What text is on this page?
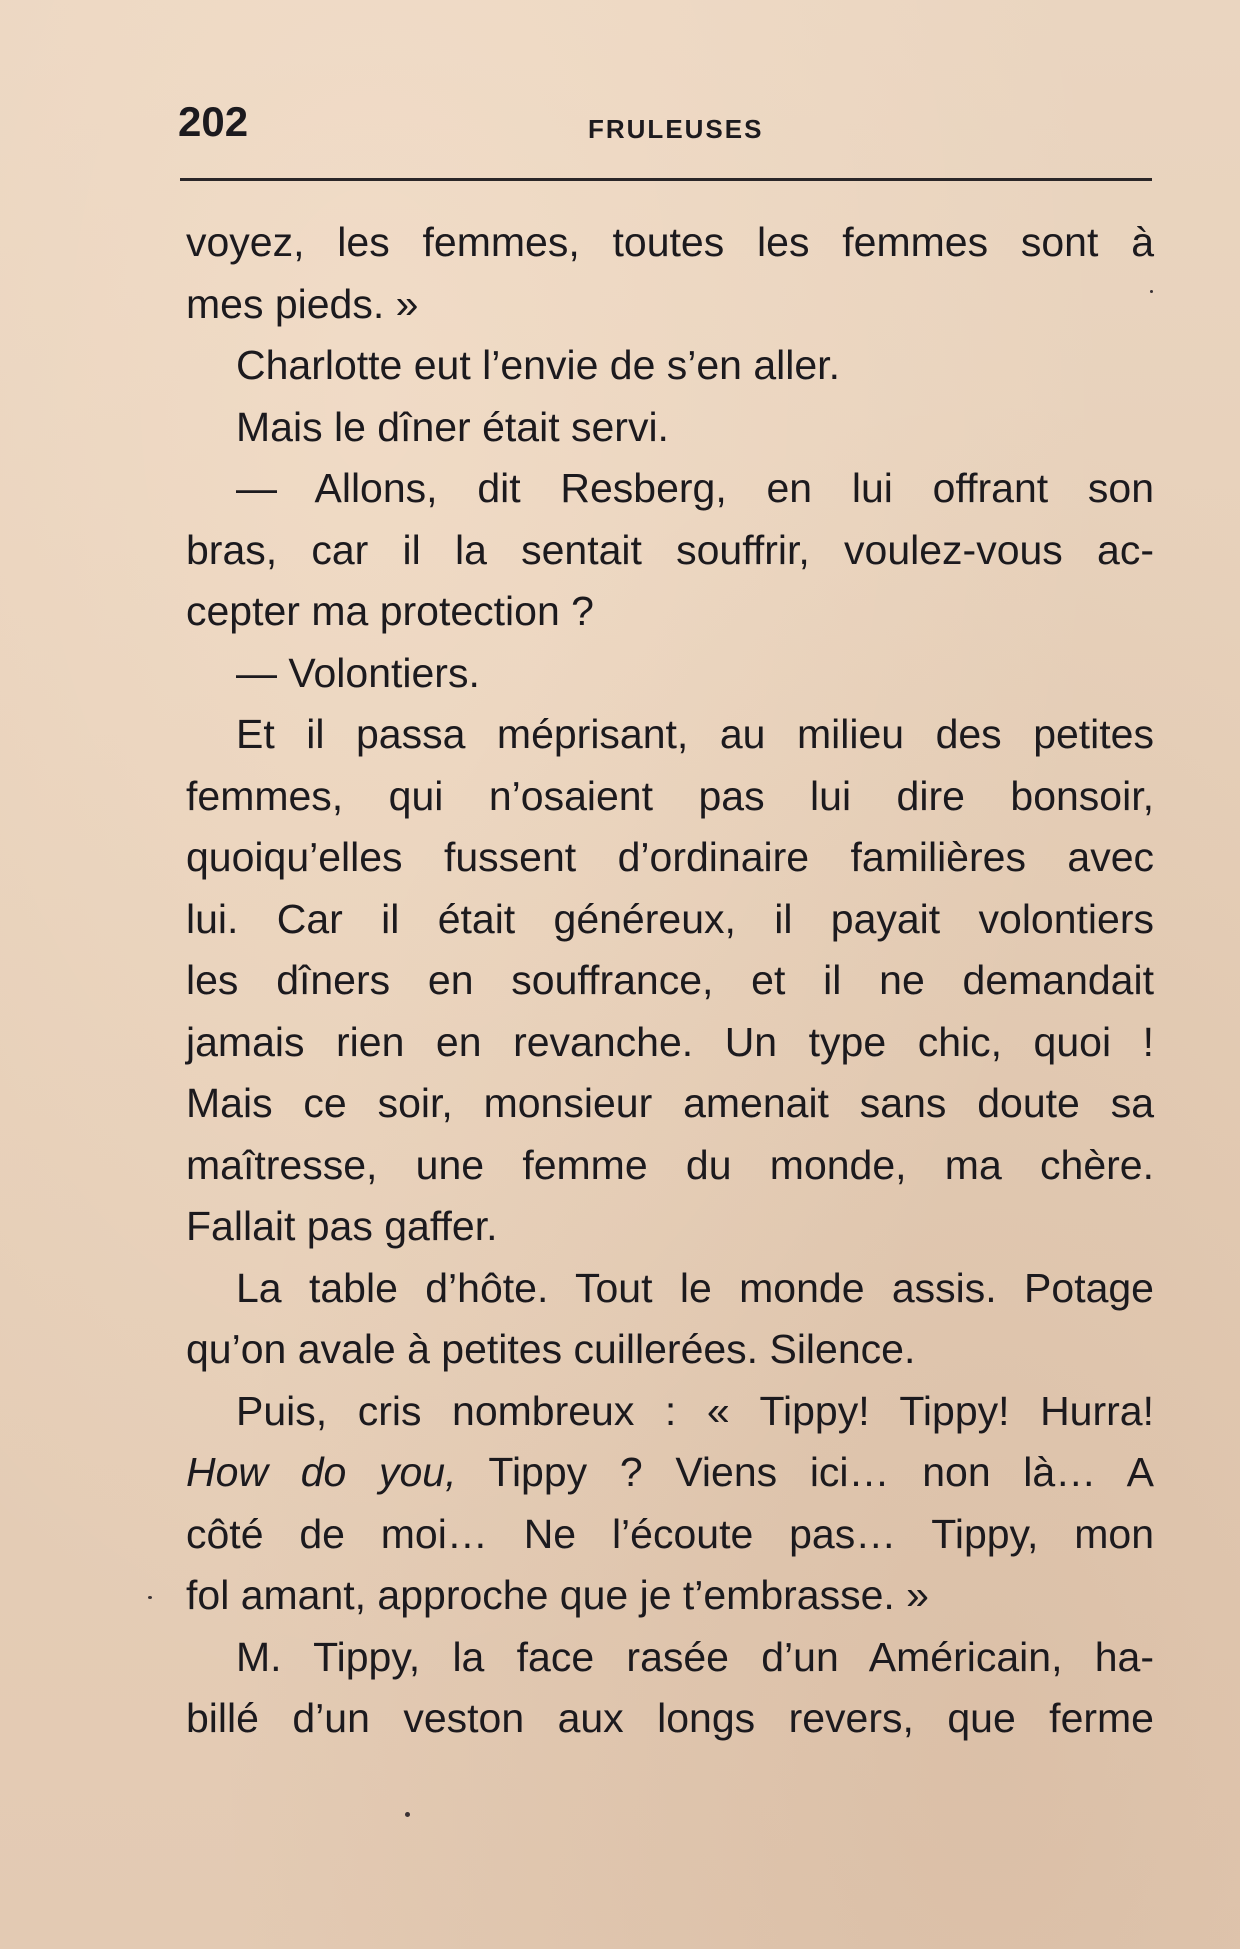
202	FRULEUSES
voyez, les femmes, toutes les femmes sont à
mes pieds. »
Charlotte eut l’envie de s’en aller.
Mais le dîner était servi.
— Allons, dit Resberg, en lui offrant son
bras, car il la sentait souffrir, voulez-vous ac-
cepter ma protection ?
— Volontiers.
Et il passa méprisant, au milieu des petites
femmes, qui n’osaient pas lui dire bonsoir,
quoiqu’elles fussent d’ordinaire familières avec
lui. Car il était généreux, il payait volontiers
les dîners en souffrance, et il ne demandait
jamais rien en revanche. Un type chic, quoi !
Mais ce soir, monsieur amenait sans doute sa
maîtresse, une femme du monde, ma chère.
Fallait pas gaffer.
La table d’hôte. Tout le monde assis. Potage
qu’on avale à petites cuillerées. Silence.
Puis, cris nombreux : « Tippy! Tippy! Hurra!
How do you, Tippy ? Viens ici… non là… A
côté de moi… Ne l’écoute pas… Tippy, mon
fol amant, approche que je t’embrasse. »
M. Tippy, la face rasée d’un Américain, ha-
billé d’un veston aux longs revers, que ferme
